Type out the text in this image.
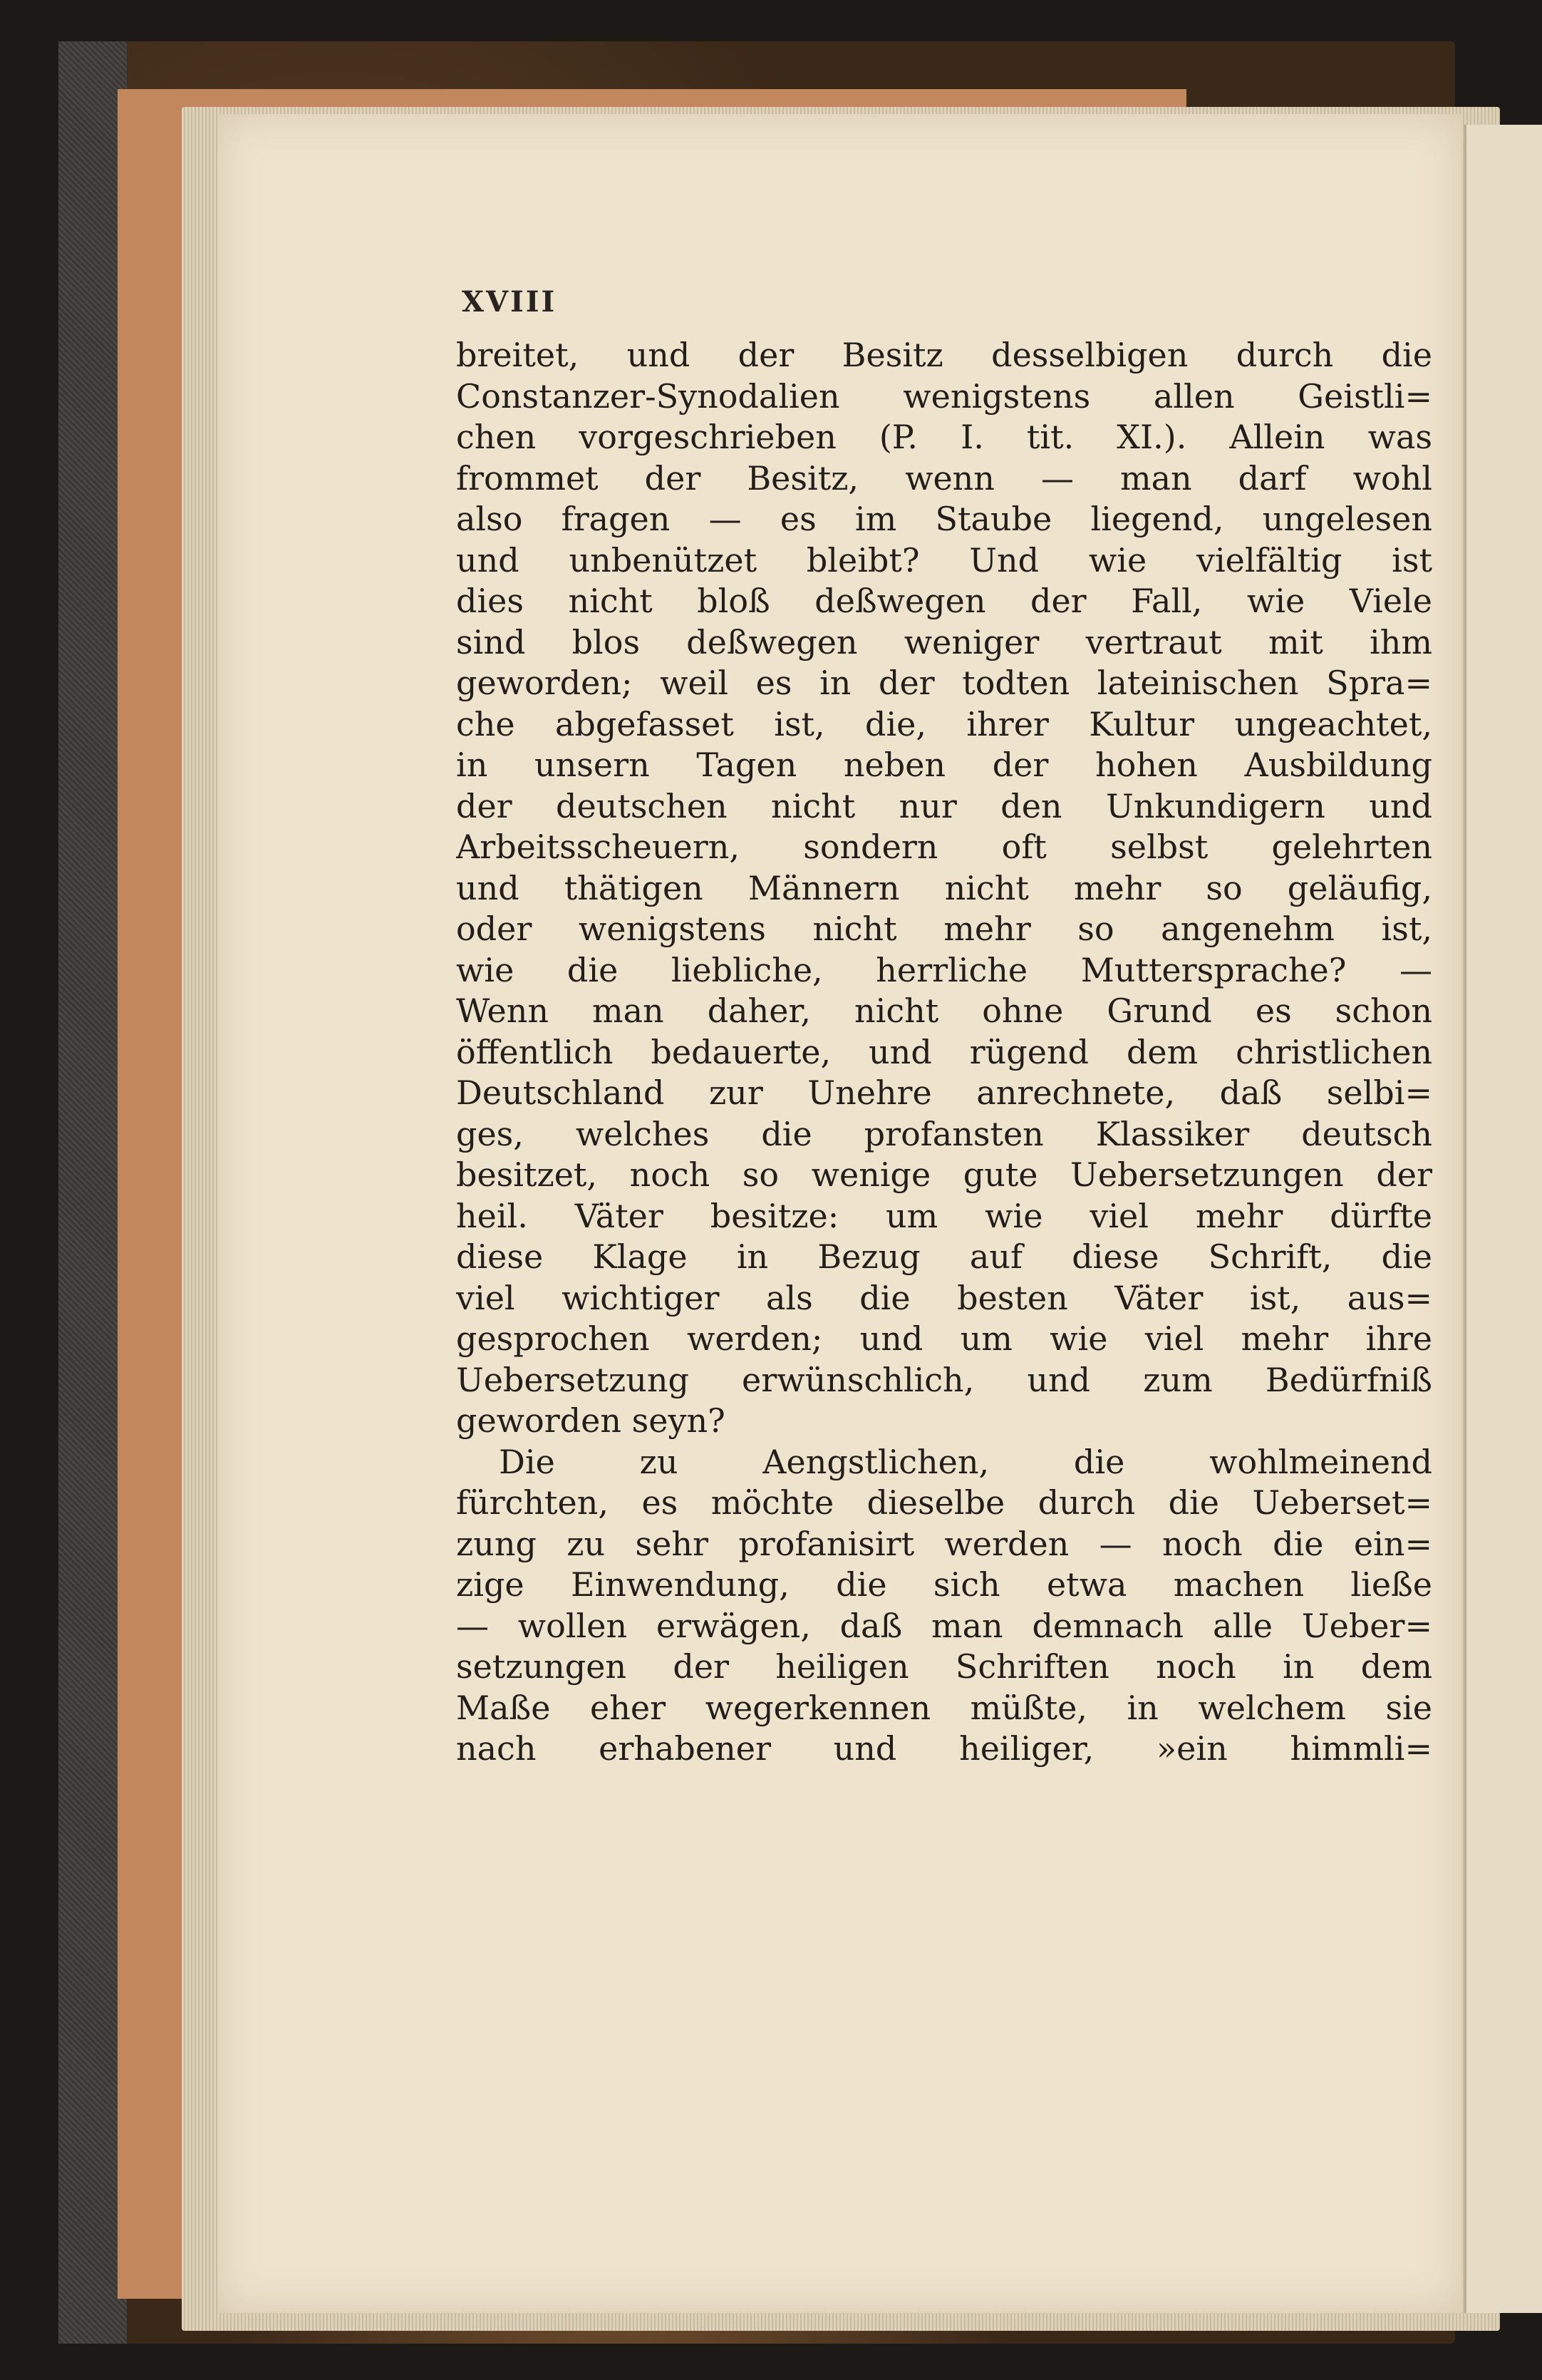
XVIII
breitet, und der Besitz desselbigen durch die
Constanzer-Synodalien wenigstens allen Geistli=
chen vorgeschrieben (P. I. tit. XI.). Allein was
frommet der Besitz, wenn — man darf wohl
also fragen — es im Staube liegend, ungelesen
und unbenützet bleibt? Und wie vielfältig ist
dies nicht bloß deßwegen der Fall, wie Viele
sind blos deßwegen weniger vertraut mit ihm
geworden; weil es in der todten lateinischen Spra=
che abgefasset ist, die, ihrer Kultur ungeachtet,
in unsern Tagen neben der hohen Ausbildung
der deutschen nicht nur den Unkundigern und
Arbeitsscheuern, sondern oft selbst gelehrten
und thätigen Männern nicht mehr so geläufig,
oder wenigstens nicht mehr so angenehm ist,
wie die liebliche, herrliche Muttersprache? —
Wenn man daher, nicht ohne Grund es schon
öffentlich bedauerte, und rügend dem christlichen
Deutschland zur Unehre anrechnete, daß selbi=
ges, welches die profansten Klassiker deutsch
besitzet, noch so wenige gute Uebersetzungen der
heil. Väter besitze: um wie viel mehr dürfte
diese Klage in Bezug auf diese Schrift, die
viel wichtiger als die besten Väter ist, aus=
gesprochen werden; und um wie viel mehr ihre
Uebersetzung erwünschlich, und zum Bedürfniß
geworden seyn?
Die zu Aengstlichen, die wohlmeinend
fürchten, es möchte dieselbe durch die Ueberset=
zung zu sehr profanisirt werden — noch die ein=
zige Einwendung, die sich etwa machen ließe
— wollen erwägen, daß man demnach alle Ueber=
setzungen der heiligen Schriften noch in dem
Maße eher wegerkennen müßte, in welchem sie
nach erhabener und heiliger, »ein himmli=
